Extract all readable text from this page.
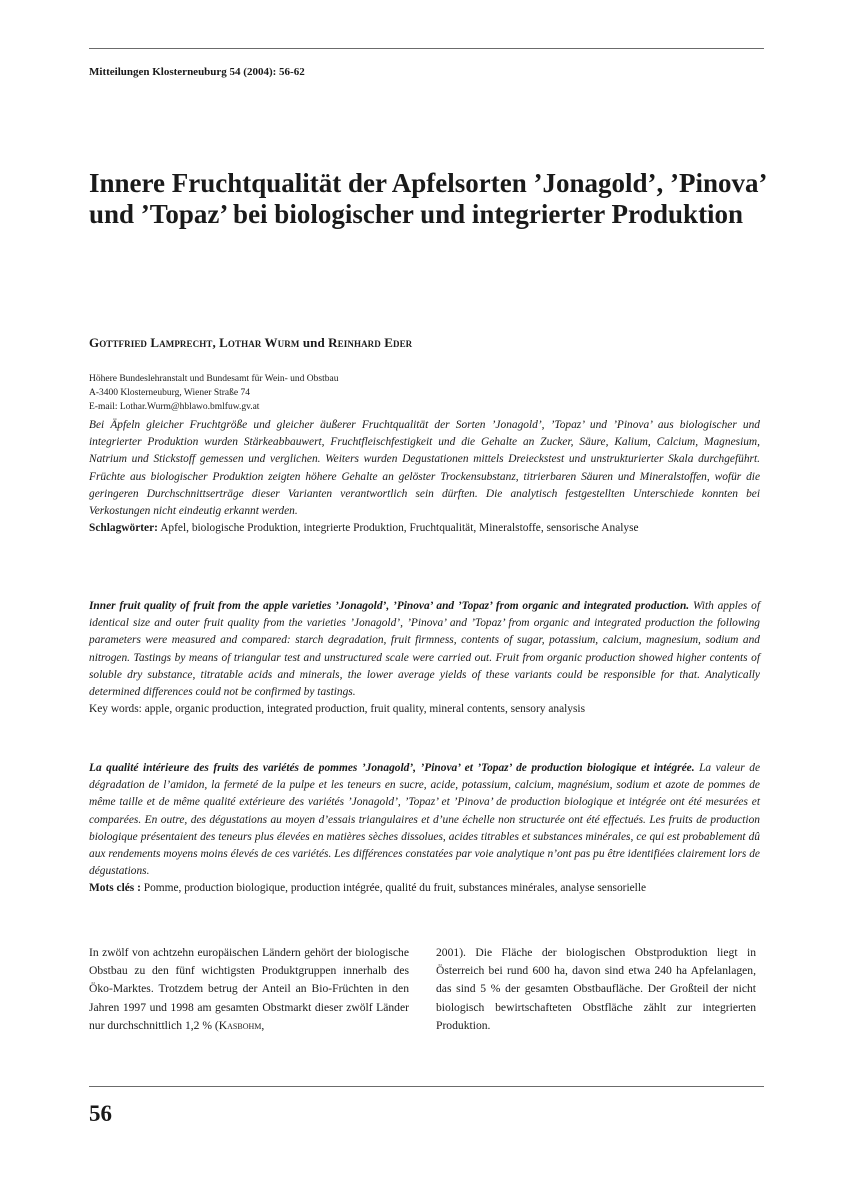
Mitteilungen Klosterneuburg 54 (2004): 56-62
Innere Fruchtqualität der Apfelsorten ’Jonagold’, ’Pinova’ und ’Topaz’ bei biologischer und integrierter Produktion
Gottfried Lamprecht, Lothar Wurm und Reinhard Eder
Höhere Bundeslehranstalt und Bundesamt für Wein- und Obstbau
A-3400 Klosterneuburg, Wiener Straße 74
E-mail: Lothar.Wurm@hblawo.bmlfuw.gv.at
Bei Äpfeln gleicher Fruchtgröße und gleicher äußerer Fruchtqualität der Sorten ’Jonagold’, ’Topaz’ und ’Pinova’ aus biologischer und integrierter Produktion wurden Stärkeabbauwert, Fruchtfleischfestigkeit und die Gehalte an Zucker, Säure, Kalium, Calcium, Magnesium, Natrium und Stickstoff gemessen und verglichen. Weiters wurden Degustationen mittels Dreieckstest und unstrukturierter Skala durchgeführt. Früchte aus biologischer Produktion zeigten höhere Gehalte an gelöster Trockensubstanz, titrierbaren Säuren und Mineralstoffen, wofür die geringeren Durchschnittserträge dieser Varianten verantwortlich sein dürften. Die analytisch festgestellten Unterschiede konnten bei Verkostungen nicht eindeutig erkannt werden.
Schlagwörter: Apfel, biologische Produktion, integrierte Produktion, Fruchtqualität, Mineralstoffe, sensorische Analyse
Inner fruit quality of fruit from the apple varieties ’Jonagold’, ’Pinova’ and ’Topaz’ from organic and integrated production. With apples of identical size and outer fruit quality from the varieties ’Jonagold’, ’Pinova’ and ’Topaz’ from organic and integrated production the following parameters were measured and compared: starch degradation, fruit firmness, contents of sugar, potassium, calcium, magnesium, sodium and nitrogen. Tastings by means of triangular test and unstructured scale were carried out. Fruit from organic production showed higher contents of soluble dry substance, titratable acids and minerals, the lower average yields of these variants could be responsible for that. Analytically determined differences could not be confirmed by tastings.
Key words: apple, organic production, integrated production, fruit quality, mineral contents, sensory analysis
La qualité intérieure des fruits des variétés de pommes ’Jonagold’, ’Pinova’ et ’Topaz’ de production biologique et intégrée. La valeur de dégradation de l’amidon, la fermeté de la pulpe et les teneurs en sucre, acide, potassium, calcium, magnésium, sodium et azote de pommes de même taille et de même qualité extérieure des variétés ’Jonagold’, ’Topaz’ et ’Pinova’ de production biologique et intégrée ont été mesurées et comparées. En outre, des dégustations au moyen d’essais triangulaires et d’une échelle non structurée ont été effectués. Les fruits de production biologique présentaient des teneurs plus élevées en matières sèches dissolues, acides titrables et substances minérales, ce qui est probablement dû aux rendements moyens moins élevés de ces variétés. Les différences constatées par voie analytique n’ont pas pu être identifiées clairement lors de dégustations.
Mots clés : Pomme, production biologique, production intégrée, qualité du fruit, substances minérales, analyse sensorielle

In zwölf von achtzehn europäischen Ländern gehört der biologische Obstbau zu den fünf wichtigsten Produktgruppen innerhalb des Öko-Marktes. Trotzdem betrug der Anteil an Bio-Früchten in den Jahren 1997 und 1998 am gesamten Obstmarkt dieser zwölf Länder nur durchschnittlich 1,2 % (Kasbohm,

2001). Die Fläche der biologischen Obstproduktion liegt in Österreich bei rund 600 ha, davon sind etwa 240 ha Apfelanlagen, das sind 5 % der gesamten Obstbaufläche. Der Großteil der nicht biologisch bewirtschafteten Obstfläche zählt zur integrierten Produktion.

56
